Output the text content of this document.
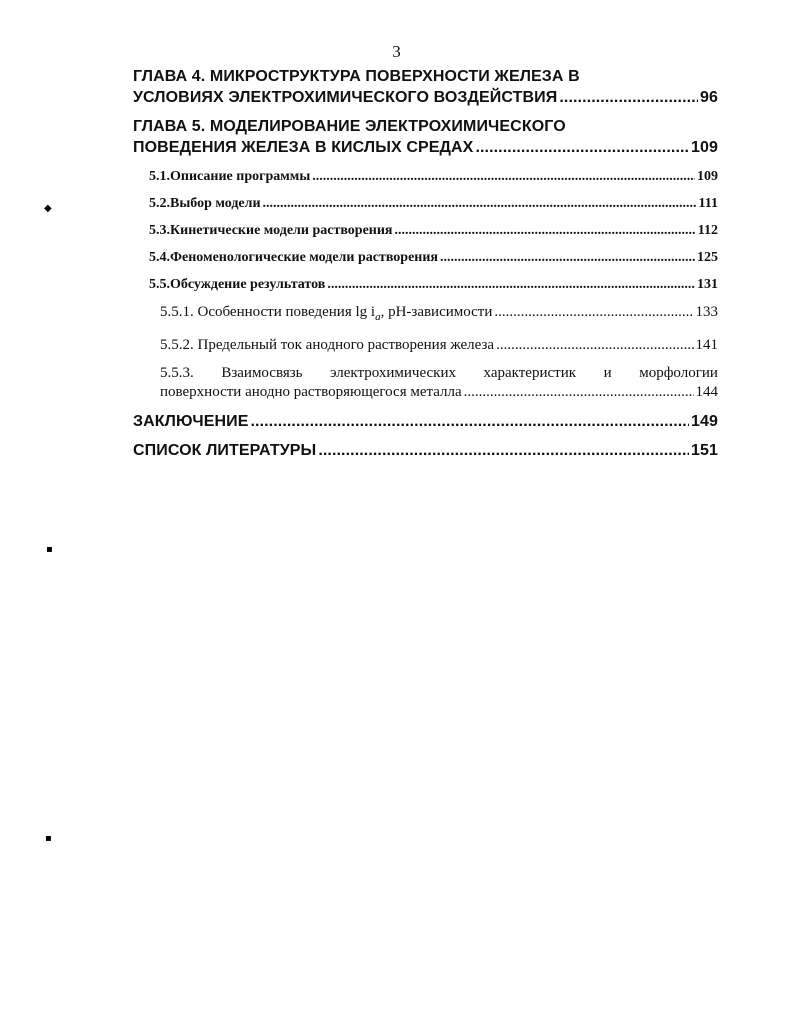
3
ГЛАВА 4. МИКРОСТРУКТУРА ПОВЕРХНОСТИ ЖЕЛЕЗА В
УСЛОВИЯХ ЭЛЕКТРОХИМИЧЕСКОГО ВОЗДЕЙСТВИЯ .....	96
ГЛАВА 5. МОДЕЛИРОВАНИЕ ЭЛЕКТРОХИМИЧЕСКОГО
ПОВЕДЕНИЯ ЖЕЛЕЗА В КИСЛЫХ СРЕДАХ .....	109
5.1.Описание программы .....	109
5.2.Выбор модели .....	111
5.3.Кинетические модели растворения .....	112
5.4.Феноменологические модели растворения .....	125
5.5.Обсуждение результатов .....	131
5.5.1. Особенности поведения $\lg i_a$, pH-зависимости .....	133
5.5.2. Предельный ток анодного растворения железа .....	141
5.5.3. Взаимосвязь электрохимических характеристик и морфологии
поверхности анодно растворяющегося металла .....	144
ЗАКЛЮЧЕНИЕ .....	149
СПИСОК ЛИТЕРАТУРЫ .....	151
◆
▪
▪
